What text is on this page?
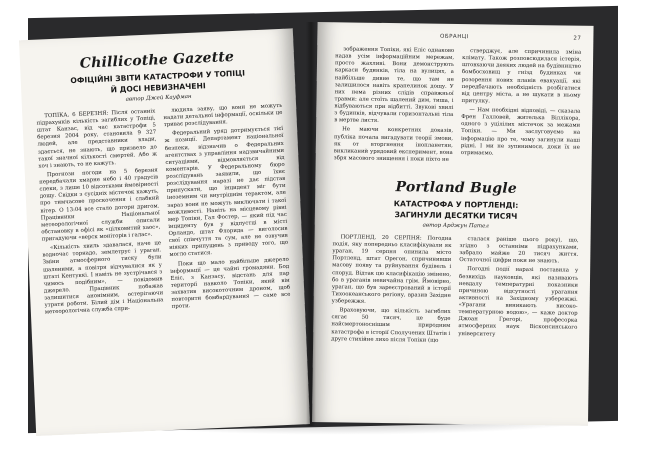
Chillicothe Gazette
ОФІЦІЙНІ ЗВІТИ КАТАСТРОФИ У ТОПІЦІ
Й ДОСІ НЕВИЗНАЧЕНІ
автор Джей Кауфман

ТОПІКА, 6 БЕРЕЗНЯ: Після останніх підрахунків кількість загиблих у Топіці, штат Канзас, від час катастрофи 5 березня 2004 року, становила 9 327 людей, але представники влади, здається, не знають, що призвело до такої значної кількості смертей. Або ж хоч і знають, то не кажуть.

Прогнози погоди на 5 березня передбачали хмарне небо і 40 градусів спеки, з лише 10 відсотками ймовірності дощу. Свідки з сусідніх містечок кажуть, про тимчасове проскочення і слабкий вітер. О 13:04 все стало догори дригом. Працівники Національної метеорологічної служби описали обстановку в офісі як «цілковитий хаос», пригадуючи «верск моніторів і галас».

«Кількість хвиль здавалася, наче це водночас торнадо, землетрус і ураган. Зміни атмосферного тиску були шаленими, а повітря відчувалися як у штаті Кентуккі. І навіть не зустрічався з чимось подібним», — повідомив джерело. Працівник побажав залишитися анонімним, остерігаючи утрати роботи. Білий дім і Національна метеорологічна служба спри-

людила заяву, що вони не можуть надати детальної інформації, оскільки це триває розслідування.

Федеральний уряд дотримується тієї ж позиції. Департамент національної безпеки, відзначив о Федеральних агентствах з управління надзвичайними ситуаціями, відмовляється від коментарів. У Федеральному бюро розслідувань заявили, що їхнє розслідування наразі не дає підстав припускати, що інцидент міг бути іноземним чи внутрішнім терактом, але зараз вони не можуть виключати і такої можливості. Наніть на місцевому рівні мер Топіки, Гал Фостер, — який під час інциденту був у відпустці в місті Орландо, штат Флорида — виголосив свої співчуття та сум, але не озвучив ніяких припущень з приводу того, що могло статися.

Поки що мало найбільше джерело інформації — це чайні громадяни. Бод Еліс, з Канзасу, відстань для пар території навколо Топіки, який він захватив високоточним дроном, щоб повторити бомбардування — саме все проти.

ОБРАНЦІ	27

зображення Топіки, які Еліс однаково надав усім інформаційним мережам, просто жахливі. Вони демонструють каркаси будинків, тіла на вулицях, а найбільше дивне те, що там не залишилося навіть крапелинок дощу. У них нема різних слідів справжньої травми: але стоїть шалений дим, тиша, і відбуваються при відбитті. Звукові хвилі з будинків, відчували горизонтальні тіла в мертве листя.

Не маючи конкретних доказів, публіка почала вигадувати теорії змови, як от вторгнення іноплaнетян, викликаний урядовий експеримент, вона збря масового знищення і поки ніхто не

стверджує, але спричинила зміна клімату. Також розповсюдилася істерія, штовхаючи деяких людей на будівництво бомбосховищ у гнізд будинках чи розорення нових планів евакуації, які передбачають необхідність розбігатися від центру міста, а не шукати в ньому притулку.

— Нам необхідні відповіді, — сказала Френ Галловей, жителька Віллікора, одного з уцілілих містечок за межами Топіки. — Ми заслуговуємо на інформацію про те, чому загинули наші рідні. І ми не зупинимося, доки їх не отримаємо.

Portland Bugle
КАТАСТРОФА У ПОРТЛЕНДІ:
ЗАГИНУЛИ ДЕСЯТКИ ТИСЯЧ
автор Арджун Пател

ПОРТЛЕНД, 20 СЕРПНЯ: Погодна подія, яку попередньо класифікували як ураган, 19 серпня опинила місто Портленд, штат Орегон, спричинивши масову появу та руйнування будівель і споруд. Відтак цю класифікацію змінено, бо в ураганів невичайна грім. Ймовірно, ураган, що був зареєстрований в історії Тихоокеанського регіону, вразив Західне узбережжя.

Враховуючи, що кількість загиблих сягає 50 тисяч, це буде найсмертоноснішим природним катастрофа в історії Сполучених Штатів і друге стихійне лихо після Топіки (що

сталася раніше цього року), що, згідно з останніми підрахунками, забрало майже 20 тисяч життя. Остаточної цифри поки не знають.

Погодні події наразі поставила у безвихідь науковців, які називають невдалу температурні показники причиною відсутності урагання активності на Західному узбережжі. «Урагани виникають високо-температурною водою», — каже доктор Джоан Грегорі, професорка атмосферних наук Віскoнсинського університету
